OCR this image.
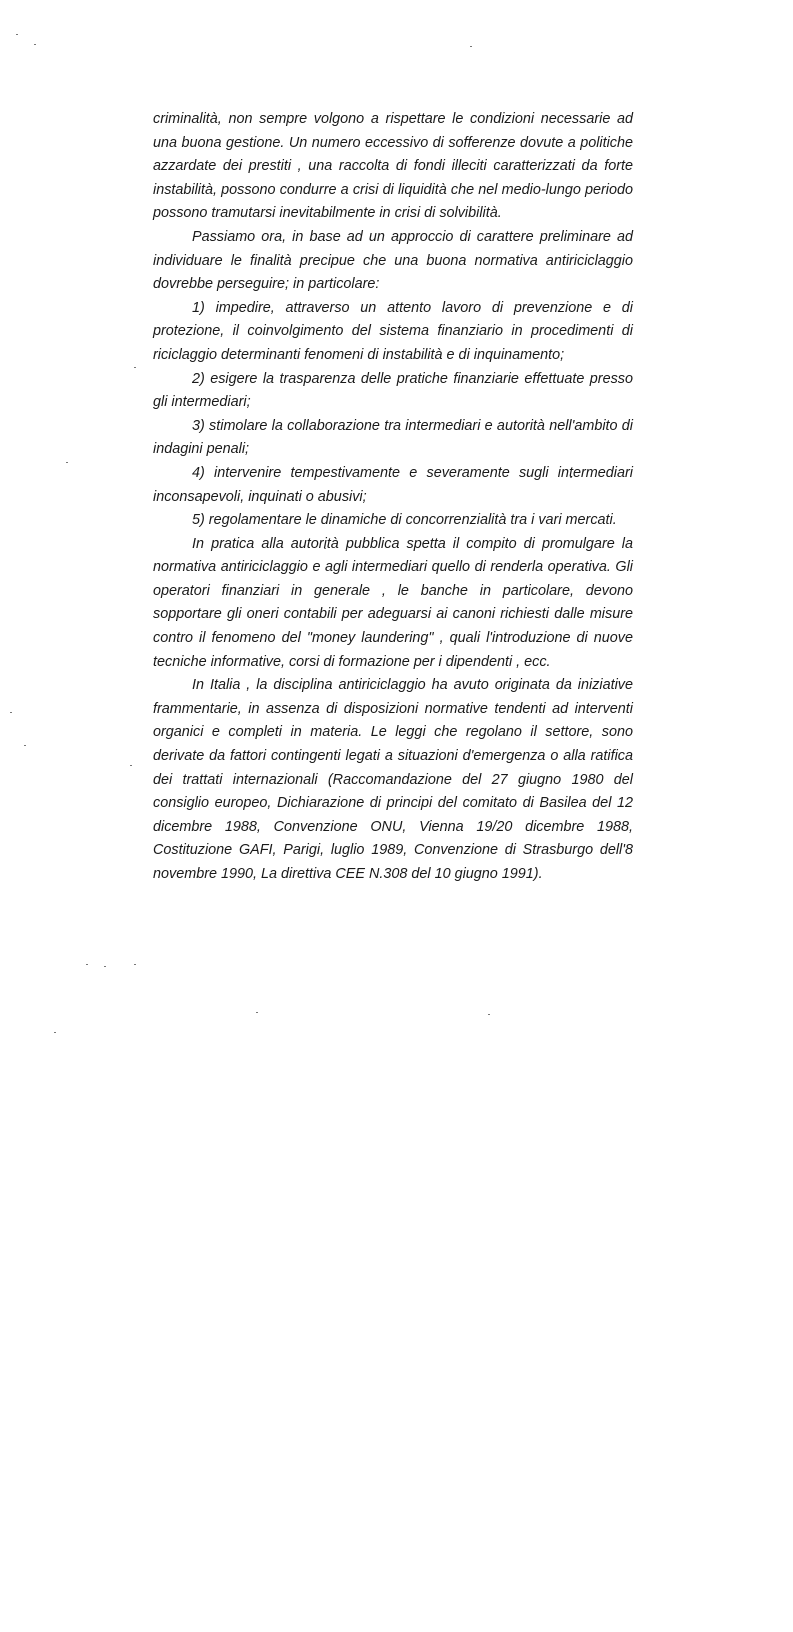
criminalità, non sempre volgono a rispettare le condizioni necessarie ad una buona gestione. Un numero eccessivo di sofferenze dovute a politiche azzardate dei prestiti , una raccolta di fondi illeciti caratterizzati da forte instabilità, possono condurre a crisi di liquidità che nel medio-lungo periodo possono tramutarsi inevitabilmente in crisi di solvibilità.

Passiamo ora, in base ad un approccio di carattere preliminare ad individuare le finalità precipue che una buona normativa antiriciclaggio dovrebbe perseguire; in particolare:

1) impedire, attraverso un attento lavoro di prevenzione e di protezione, il coinvolgimento del sistema finanziario in procedimenti di riciclaggio determinanti fenomeni di instabilità e di inquinamento;

2) esigere la trasparenza delle pratiche finanziarie effettuate presso gli intermediari;

3) stimolare la collaborazione tra intermediari e autorità nell'ambito di indagini penali;

4) intervenire tempestivamente e severamente sugli intermediari inconsapevoli, inquinati o abusivi;

5) regolamentare le dinamiche di concorrenzialità tra i vari mercati.

In pratica alla autorità pubblica spetta il compito di promulgare la normativa antiriciclaggio e agli intermediari quello di renderla operativa. Gli operatori finanziari in generale , le banche in particolare, devono sopportare gli oneri contabili per adeguarsi ai canoni richiesti dalle misure contro il fenomeno del "money laundering" , quali l'introduzione di nuove tecniche informative, corsi di formazione per i dipendenti , ecc.

In Italia , la disciplina antiriciclaggio ha avuto originata da iniziative frammentarie, in assenza di disposizioni normative tendenti ad interventi organici e completi in materia. Le leggi che regolano il settore, sono derivate da fattori contingenti legati a situazioni d'emergenza o alla ratifica dei trattati internazionali (Raccomandazione del 27 giugno 1980 del consiglio europeo, Dichiarazione di principi del comitato di Basilea del 12 dicembre 1988, Convenzione ONU, Vienna 19/20 dicembre 1988, Costituzione GAFI, Parigi, luglio 1989, Convenzione di Strasburgo dell'8 novembre 1990, La direttiva CEE N.308 del 10 giugno 1991).
